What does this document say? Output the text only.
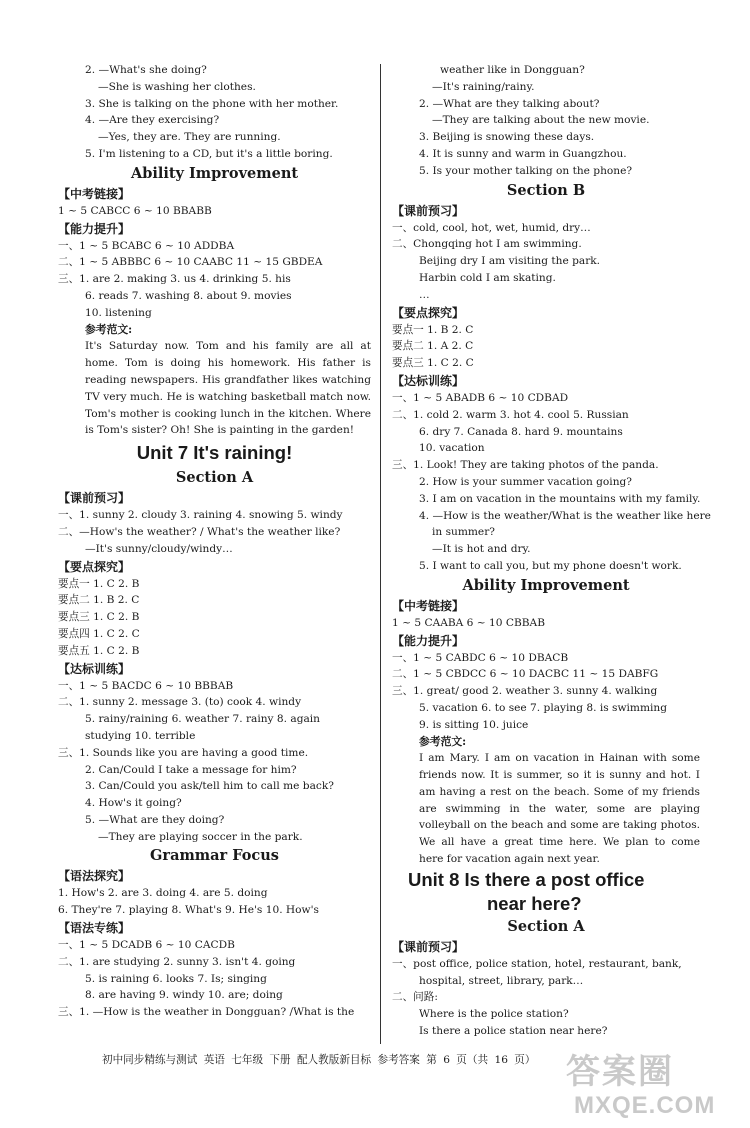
2. —What's she doing?
—She is washing her clothes.
3. She is talking on the phone with her mother.
4. —Are they exercising?
—Yes, they are. They are running.
5. I'm listening to a CD, but it's a little boring.
Ability Improvement
【中考链接】
1 ~ 5 CABCC 6 ~ 10 BBABB
【能力提升】
一、1 ~ 5 BCABC 6 ~ 10 ADDBA
二、1 ~ 5 ABBBC 6 ~ 10 CAABC 11 ~ 15 GBDEA
三、1. are 2. making 3. us 4. drinking 5. his
6. reads 7. washing 8. about 9. movies
10. listening
参考范文:
It's Saturday now. Tom and his family are all at home. Tom is doing his homework. His father is reading newspapers. His grandfather likes watching TV very much. He is watching basketball match now. Tom's mother is cooking lunch in the kitchen. Where is Tom's sister? Oh! She is painting in the garden!
Unit 7 It's raining!
Section A
【课前预习】
一、1. sunny 2. cloudy 3. raining 4. snowing 5. windy
二、—How's the weather? / What's the weather like?
—It's sunny/cloudy/windy…
【要点探究】
要点一 1. C 2. B
要点二 1. B 2. C
要点三 1. C 2. B
要点四 1. C 2. C
要点五 1. C 2. B
【达标训练】
一、1 ~ 5 BACDC 6 ~ 10 BBBAB
二、1. sunny 2. message 3. (to) cook 4. windy
5. rainy/raining 6. weather 7. rainy 8. again
studying 10. terrible
三、1. Sounds like you are having a good time.
2. Can/Could I take a message for him?
3. Can/Could you ask/tell him to call me back?
4. How's it going?
5. —What are they doing?
—They are playing soccer in the park.
Grammar Focus
【语法探究】
1. How's 2. are 3. doing 4. are 5. doing
6. They're 7. playing 8. What's 9. He's 10. How's
【语法专练】
一、1 ~ 5 DCADB 6 ~ 10 CACDB
二、1. are studying 2. sunny 3. isn't 4. going
5. is raining 6. looks 7. Is; singing
8. are having 9. windy 10. are; doing
三、1. —How is the weather in Dongguan? /What is the
weather like in Dongguan?
—It's raining/rainy.
2. —What are they talking about?
—They are talking about the new movie.
3. Beijing is snowing these days.
4. It is sunny and warm in Guangzhou.
5. Is your mother talking on the phone?
Section B
【课前预习】
一、cold, cool, hot, wet, humid, dry…
二、Chongqing hot I am swimming.
Beijing dry I am visiting the park.
Harbin cold I am skating.
…
【要点探究】
要点一 1. B 2. C
要点二 1. A 2. C
要点三 1. C 2. C
【达标训练】
一、1 ~ 5 ABADB 6 ~ 10 CDBAD
二、1. cold 2. warm 3. hot 4. cool 5. Russian
6. dry 7. Canada 8. hard 9. mountains
10. vacation
三、1. Look! They are taking photos of the panda.
2. How is your summer vacation going?
3. I am on vacation in the mountains with my family.
4. —How is the weather/What is the weather like here
in summer?
—It is hot and dry.
5. I want to call you, but my phone doesn't work.
Ability Improvement
【中考链接】
1 ~ 5 CAABA 6 ~ 10 CBBAB
【能力提升】
一、1 ~ 5 CABDC 6 ~ 10 DBACB
二、1 ~ 5 CBDCC 6 ~ 10 DACBC 11 ~ 15 DABFG
三、1. great/ good 2. weather 3. sunny 4. walking
5. vacation 6. to see 7. playing 8. is swimming
9. is sitting 10. juice
参考范文:
I am Mary. I am on vacation in Hainan with some friends now. It is summer, so it is sunny and hot. I am having a rest on the beach. Some of my friends are swimming in the water, some are playing volleyball on the beach and some are taking photos. We all have a great time here. We plan to come here for vacation again next year.
Unit 8 Is there a post office
near here?
Section A
【课前预习】
一、post office, police station, hotel, restaurant, bank,
hospital, street, library, park…
二、问路:
Where is the police station?
Is there a police station near here?
初中同步精练与测试 英语 七年级 下册 配人教版新目标 参考答案 第 6 页（共 16 页） 答案圈
MXQE.COM
